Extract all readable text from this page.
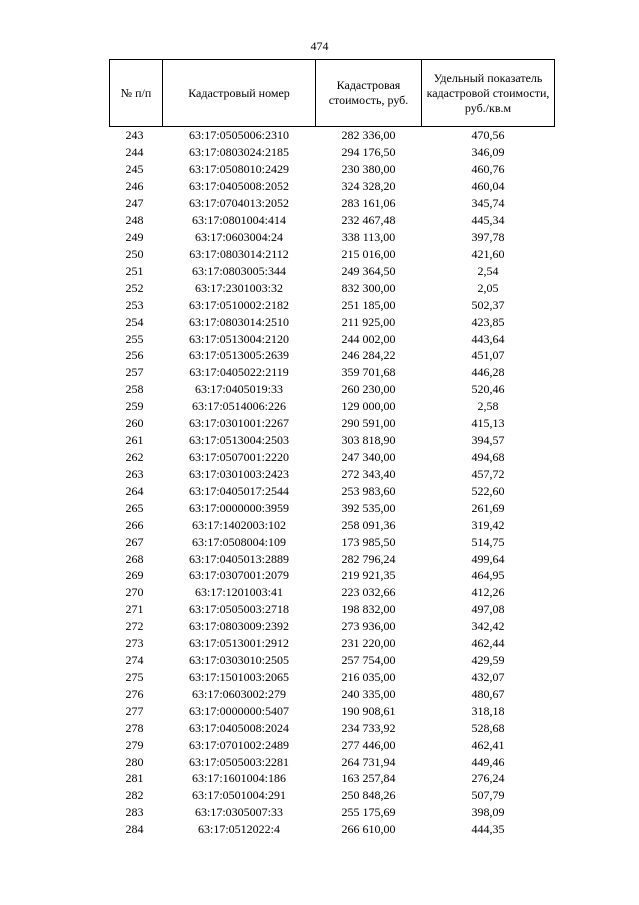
474
№ п/п	Кадастровый номер	Кадастровая стоимость, руб.	Удельный показатель кадастровой стоимости, руб./кв.м
243	63:17:0505006:2310	282 336,00	470,56
244	63:17:0803024:2185	294 176,50	346,09
245	63:17:0508010:2429	230 380,00	460,76
246	63:17:0405008:2052	324 328,20	460,04
247	63:17:0704013:2052	283 161,06	345,74
248	63:17:0801004:414	232 467,48	445,34
249	63:17:0603004:24	338 113,00	397,78
250	63:17:0803014:2112	215 016,00	421,60
251	63:17:0803005:344	249 364,50	2,54
252	63:17:2301003:32	832 300,00	2,05
253	63:17:0510002:2182	251 185,00	502,37
254	63:17:0803014:2510	211 925,00	423,85
255	63:17:0513004:2120	244 002,00	443,64
256	63:17:0513005:2639	246 284,22	451,07
257	63:17:0405022:2119	359 701,68	446,28
258	63:17:0405019:33	260 230,00	520,46
259	63:17:0514006:226	129 000,00	2,58
260	63:17:0301001:2267	290 591,00	415,13
261	63:17:0513004:2503	303 818,90	394,57
262	63:17:0507001:2220	247 340,00	494,68
263	63:17:0301003:2423	272 343,40	457,72
264	63:17:0405017:2544	253 983,60	522,60
265	63:17:0000000:3959	392 535,00	261,69
266	63:17:1402003:102	258 091,36	319,42
267	63:17:0508004:109	173 985,50	514,75
268	63:17:0405013:2889	282 796,24	499,64
269	63:17:0307001:2079	219 921,35	464,95
270	63:17:1201003:41	223 032,66	412,26
271	63:17:0505003:2718	198 832,00	497,08
272	63:17:0803009:2392	273 936,00	342,42
273	63:17:0513001:2912	231 220,00	462,44
274	63:17:0303010:2505	257 754,00	429,59
275	63:17:1501003:2065	216 035,00	432,07
276	63:17:0603002:279	240 335,00	480,67
277	63:17:0000000:5407	190 908,61	318,18
278	63:17:0405008:2024	234 733,92	528,68
279	63:17:0701002:2489	277 446,00	462,41
280	63:17:0505003:2281	264 731,94	449,46
281	63:17:1601004:186	163 257,84	276,24
282	63:17:0501004:291	250 848,26	507,79
283	63:17:0305007:33	255 175,69	398,09
284	63:17:0512022:4	266 610,00	444,35
